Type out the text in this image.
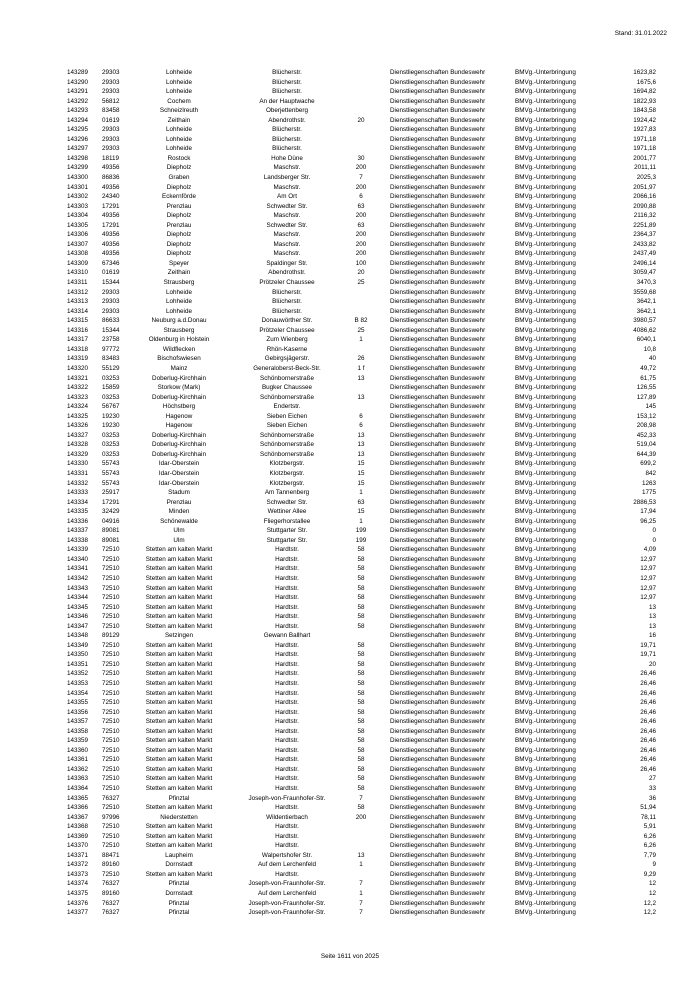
Stand: 31.01.2022
143289 29303	Lohheide	Blücherstr.	Dienstliegenschaften Bundeswehr	BMVg.-Unterbringung	1623,82
143290 29303	Lohheide	Blücherstr.	Dienstliegenschaften Bundeswehr	BMVg.-Unterbringung	1675,6
143291 29303	Lohheide	Blücherstr.	Dienstliegenschaften Bundeswehr	BMVg.-Unterbringung	1694,82
143292 56812	Cochem	An der Hauptwache	Dienstliegenschaften Bundeswehr	BMVg.-Unterbringung	1822,93
143293 83458	Schneizlreuth	Oberjettenberg	Dienstliegenschaften Bundeswehr	BMVg.-Unterbringung	1843,58
143294 01619	Zeithain	Abendrothstr.	20	Dienstliegenschaften Bundeswehr	BMVg.-Unterbringung	1924,42
143295 29303	Lohheide	Blücherstr.	Dienstliegenschaften Bundeswehr	BMVg.-Unterbringung	1927,83
143296 29303	Lohheide	Blücherstr.	Dienstliegenschaften Bundeswehr	BMVg.-Unterbringung	1971,18
143297 29303	Lohheide	Blücherstr.	Dienstliegenschaften Bundeswehr	BMVg.-Unterbringung	1971,18
143298 18119	Rostock	Hohe Düne	30	Dienstliegenschaften Bundeswehr	BMVg.-Unterbringung	2001,77
143299 49356	Diepholz	Maschstr.	200	Dienstliegenschaften Bundeswehr	BMVg.-Unterbringung	2011,11
143300 86836	Graben	Landsberger Str.	7	Dienstliegenschaften Bundeswehr	BMVg.-Unterbringung	2025,3
143301 49356	Diepholz	Maschstr.	200	Dienstliegenschaften Bundeswehr	BMVg.-Unterbringung	2051,97
143302 24340	Eckernförde	Am Ort	6	Dienstliegenschaften Bundeswehr	BMVg.-Unterbringung	2066,16
143303 17291	Prenzlau	Schwedter Str.	63	Dienstliegenschaften Bundeswehr	BMVg.-Unterbringung	2090,88
143304 49356	Diepholz	Maschstr.	200	Dienstliegenschaften Bundeswehr	BMVg.-Unterbringung	2116,32
143305 17291	Prenzlau	Schwedter Str.	63	Dienstliegenschaften Bundeswehr	BMVg.-Unterbringung	2251,89
143306 49356	Diepholz	Maschstr.	200	Dienstliegenschaften Bundeswehr	BMVg.-Unterbringung	2364,37
143307 49356	Diepholz	Maschstr.	200	Dienstliegenschaften Bundeswehr	BMVg.-Unterbringung	2433,82
143308 49356	Diepholz	Maschstr.	200	Dienstliegenschaften Bundeswehr	BMVg.-Unterbringung	2437,49
143309 67346	Speyer	Spaldinger Str.	100	Dienstliegenschaften Bundeswehr	BMVg.-Unterbringung	2496,14
143310 01619	Zeithain	Abendrothstr.	20	Dienstliegenschaften Bundeswehr	BMVg.-Unterbringung	3059,47
143311 15344	Strausberg	Prötzeler Chaussee	25	Dienstliegenschaften Bundeswehr	BMVg.-Unterbringung	3470,3
143312 29303	Lohheide	Blücherstr.	Dienstliegenschaften Bundeswehr	BMVg.-Unterbringung	3559,68
143313 29303	Lohheide	Blücherstr.	Dienstliegenschaften Bundeswehr	BMVg.-Unterbringung	3642,1
143314 29303	Lohheide	Blücherstr.	Dienstliegenschaften Bundeswehr	BMVg.-Unterbringung	3642,1
143315 86633	Neuburg a.d.Donau	Donauwörther Str.	B 82	Dienstliegenschaften Bundeswehr	BMVg.-Unterbringung	3980,57
143316 15344	Strausberg	Prötzeler Chaussee	25	Dienstliegenschaften Bundeswehr	BMVg.-Unterbringung	4086,62
143317 23758	Oldenburg in Holstein	Zum Wienberg	1	Dienstliegenschaften Bundeswehr	BMVg.-Unterbringung	6040,1
143318 97772	Wildflecken	Rhön-Kaserne	Dienstliegenschaften Bundeswehr	BMVg.-Unterbringung	10,8
143319 83483	Bischofswiesen	Gebirgsjägerstr.	26	Dienstliegenschaften Bundeswehr	BMVg.-Unterbringung	40
143320 55129	Mainz	Generaloberst-Beck-Str.	1 f	Dienstliegenschaften Bundeswehr	BMVg.-Unterbringung	49,72
143321 03253	Doberlug-Kirchhain	Schönbornerstraße	13	Dienstliegenschaften Bundeswehr	BMVg.-Unterbringung	61,75
143322 15859	Storkow (Mark)	Bugker Chaussee	Dienstliegenschaften Bundeswehr	BMVg.-Unterbringung	126,55
143323 03253	Doberlug-Kirchhain	Schönbornerstraße	13	Dienstliegenschaften Bundeswehr	BMVg.-Unterbringung	127,89
143324 56767	Höchstberg	Endertstr.	Dienstliegenschaften Bundeswehr	BMVg.-Unterbringung	145
143325 19230	Hagenow	Sieben Eichen	6	Dienstliegenschaften Bundeswehr	BMVg.-Unterbringung	153,12
143326 19230	Hagenow	Sieben Eichen	6	Dienstliegenschaften Bundeswehr	BMVg.-Unterbringung	208,98
143327 03253	Doberlug-Kirchhain	Schönbornerstraße	13	Dienstliegenschaften Bundeswehr	BMVg.-Unterbringung	452,33
143328 03253	Doberlug-Kirchhain	Schönbornerstraße	13	Dienstliegenschaften Bundeswehr	BMVg.-Unterbringung	519,04
143329 03253	Doberlug-Kirchhain	Schönbornerstraße	13	Dienstliegenschaften Bundeswehr	BMVg.-Unterbringung	644,39
143330 55743	Idar-Oberstein	Klotzbergstr.	15	Dienstliegenschaften Bundeswehr	BMVg.-Unterbringung	699,2
143331 55743	Idar-Oberstein	Klotzbergstr.	15	Dienstliegenschaften Bundeswehr	BMVg.-Unterbringung	842
143332 55743	Idar-Oberstein	Klotzbergstr.	15	Dienstliegenschaften Bundeswehr	BMVg.-Unterbringung	1263
143333 25917	Stadum	Am Tannenberg	1	Dienstliegenschaften Bundeswehr	BMVg.-Unterbringung	1775
143334 17291	Prenzlau	Schwedter Str.	63	Dienstliegenschaften Bundeswehr	BMVg.-Unterbringung	2886,53
143335 32429	Minden	Wettiner Allee	15	Dienstliegenschaften Bundeswehr	BMVg.-Unterbringung	17,94
143336 04916	Schönewalde	Fliegerhorstallee	1	Dienstliegenschaften Bundeswehr	BMVg.-Unterbringung	96,25
143337 89081	Ulm	Stuttgarter Str.	199	Dienstliegenschaften Bundeswehr	BMVg.-Unterbringung	0
143338 89081	Ulm	Stuttgarter Str.	199	Dienstliegenschaften Bundeswehr	BMVg.-Unterbringung	0
143339 72510	Stetten am kalten Markt	Hardtstr.	58	Dienstliegenschaften Bundeswehr	BMVg.-Unterbringung	4,09
143340 72510	Stetten am kalten Markt	Hardtstr.	58	Dienstliegenschaften Bundeswehr	BMVg.-Unterbringung	12,97
143341 72510	Stetten am kalten Markt	Hardtstr.	58	Dienstliegenschaften Bundeswehr	BMVg.-Unterbringung	12,97
143342 72510	Stetten am kalten Markt	Hardtstr.	58	Dienstliegenschaften Bundeswehr	BMVg.-Unterbringung	12,97
143343 72510	Stetten am kalten Markt	Hardtstr.	58	Dienstliegenschaften Bundeswehr	BMVg.-Unterbringung	12,97
143344 72510	Stetten am kalten Markt	Hardtstr.	58	Dienstliegenschaften Bundeswehr	BMVg.-Unterbringung	12,97
143345 72510	Stetten am kalten Markt	Hardtstr.	58	Dienstliegenschaften Bundeswehr	BMVg.-Unterbringung	13
143346 72510	Stetten am kalten Markt	Hardtstr.	58	Dienstliegenschaften Bundeswehr	BMVg.-Unterbringung	13
143347 72510	Stetten am kalten Markt	Hardtstr.	58	Dienstliegenschaften Bundeswehr	BMVg.-Unterbringung	13
143348 89129	Setzingen	Gewann Ballhart	Dienstliegenschaften Bundeswehr	BMVg.-Unterbringung	16
143349 72510	Stetten am kalten Markt	Hardtstr.	58	Dienstliegenschaften Bundeswehr	BMVg.-Unterbringung	19,71
143350 72510	Stetten am kalten Markt	Hardtstr.	58	Dienstliegenschaften Bundeswehr	BMVg.-Unterbringung	19,71
143351 72510	Stetten am kalten Markt	Hardtstr.	58	Dienstliegenschaften Bundeswehr	BMVg.-Unterbringung	20
143352 72510	Stetten am kalten Markt	Hardtstr.	58	Dienstliegenschaften Bundeswehr	BMVg.-Unterbringung	26,46
143353 72510	Stetten am kalten Markt	Hardtstr.	58	Dienstliegenschaften Bundeswehr	BMVg.-Unterbringung	26,46
143354 72510	Stetten am kalten Markt	Hardtstr.	58	Dienstliegenschaften Bundeswehr	BMVg.-Unterbringung	26,46
143355 72510	Stetten am kalten Markt	Hardtstr.	58	Dienstliegenschaften Bundeswehr	BMVg.-Unterbringung	26,46
143356 72510	Stetten am kalten Markt	Hardtstr.	58	Dienstliegenschaften Bundeswehr	BMVg.-Unterbringung	26,46
143357 72510	Stetten am kalten Markt	Hardtstr.	58	Dienstliegenschaften Bundeswehr	BMVg.-Unterbringung	26,46
143358 72510	Stetten am kalten Markt	Hardtstr.	58	Dienstliegenschaften Bundeswehr	BMVg.-Unterbringung	26,46
143359 72510	Stetten am kalten Markt	Hardtstr.	58	Dienstliegenschaften Bundeswehr	BMVg.-Unterbringung	26,46
143360 72510	Stetten am kalten Markt	Hardtstr.	58	Dienstliegenschaften Bundeswehr	BMVg.-Unterbringung	26,46
143361 72510	Stetten am kalten Markt	Hardtstr.	58	Dienstliegenschaften Bundeswehr	BMVg.-Unterbringung	26,46
143362 72510	Stetten am kalten Markt	Hardtstr.	58	Dienstliegenschaften Bundeswehr	BMVg.-Unterbringung	26,46
143363 72510	Stetten am kalten Markt	Hardtstr.	58	Dienstliegenschaften Bundeswehr	BMVg.-Unterbringung	27
143364 72510	Stetten am kalten Markt	Hardtstr.	58	Dienstliegenschaften Bundeswehr	BMVg.-Unterbringung	33
143365 76327	Pfinztal	Joseph-von-Fraunhofer-Str.	7	Dienstliegenschaften Bundeswehr	BMVg.-Unterbringung	36
143366 72510	Stetten am kalten Markt	Hardtstr.	58	Dienstliegenschaften Bundeswehr	BMVg.-Unterbringung	51,94
143367 97996	Niederstetten	Wildentierbach	200	Dienstliegenschaften Bundeswehr	BMVg.-Unterbringung	78,11
143368 72510	Stetten am kalten Markt	Hardtstr.	Dienstliegenschaften Bundeswehr	BMVg.-Unterbringung	5,91
143369 72510	Stetten am kalten Markt	Hardtstr.	Dienstliegenschaften Bundeswehr	BMVg.-Unterbringung	6,26
143370 72510	Stetten am kalten Markt	Hardtstr.	Dienstliegenschaften Bundeswehr	BMVg.-Unterbringung	6,26
143371 88471	Laupheim	Walpertshofer Str.	13	Dienstliegenschaften Bundeswehr	BMVg.-Unterbringung	7,79
143372 89160	Dornstadt	Auf dem Lerchenfeld	1	Dienstliegenschaften Bundeswehr	BMVg.-Unterbringung	9
143373 72510	Stetten am kalten Markt	Hardtstr.	Dienstliegenschaften Bundeswehr	BMVg.-Unterbringung	9,29
143374 76327	Pfinztal	Joseph-von-Fraunhofer-Str.	7	Dienstliegenschaften Bundeswehr	BMVg.-Unterbringung	12
143375 89160	Dornstadt	Auf dem Lerchenfeld	1	Dienstliegenschaften Bundeswehr	BMVg.-Unterbringung	12
143376 76327	Pfinztal	Joseph-von-Fraunhofer-Str.	7	Dienstliegenschaften Bundeswehr	BMVg.-Unterbringung	12,2
143377 76327	Pfinztal	Joseph-von-Fraunhofer-Str.	7	Dienstliegenschaften Bundeswehr	BMVg.-Unterbringung	12,2
Seite 1611 von 2025
